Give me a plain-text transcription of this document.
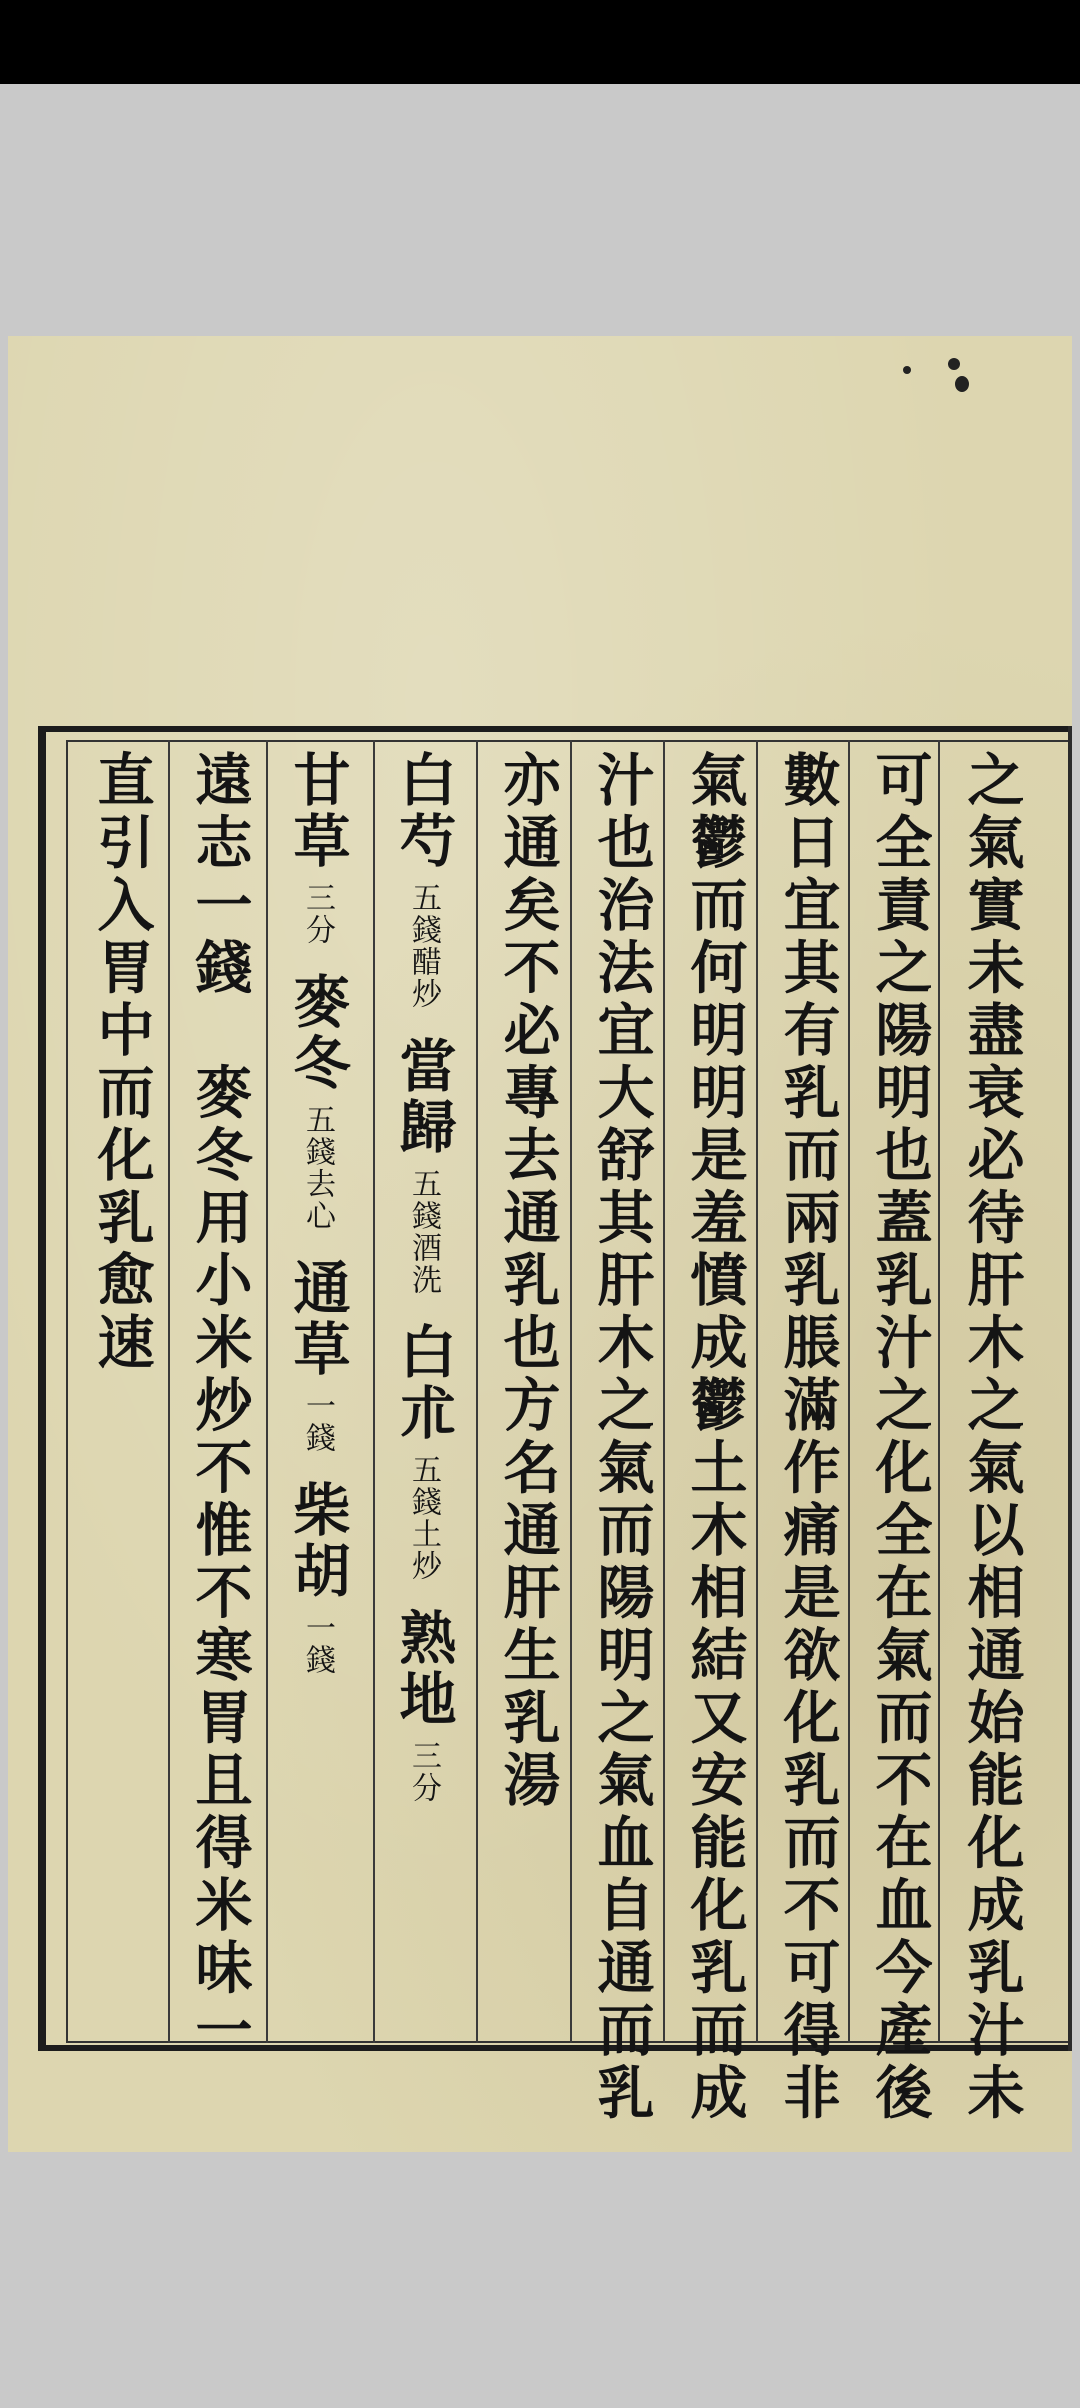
之氣實未盡衰必待肝木之氣以相通始能化成乳汁未
可全責之陽明也蓋乳汁之化全在氣而不在血今產後
數日宜其有乳而兩乳脹滿作痛是欲化乳而不可得非
氣鬱而何明明是羞憤成鬱土木相結又安能化乳而成
汁也治法宜大舒其肝木之氣而陽明之氣血自通而乳
亦通矣不必專去通乳也方名通肝生乳湯
白芍五錢醋炒當歸五錢酒洗白朮五錢土炒熟地三分
甘草三分麥冬五錢去心通草一錢柴胡一錢
遠志一錢　麥冬用小米炒不惟不寒胃且得米味一
直引入胃中而化乳愈速
